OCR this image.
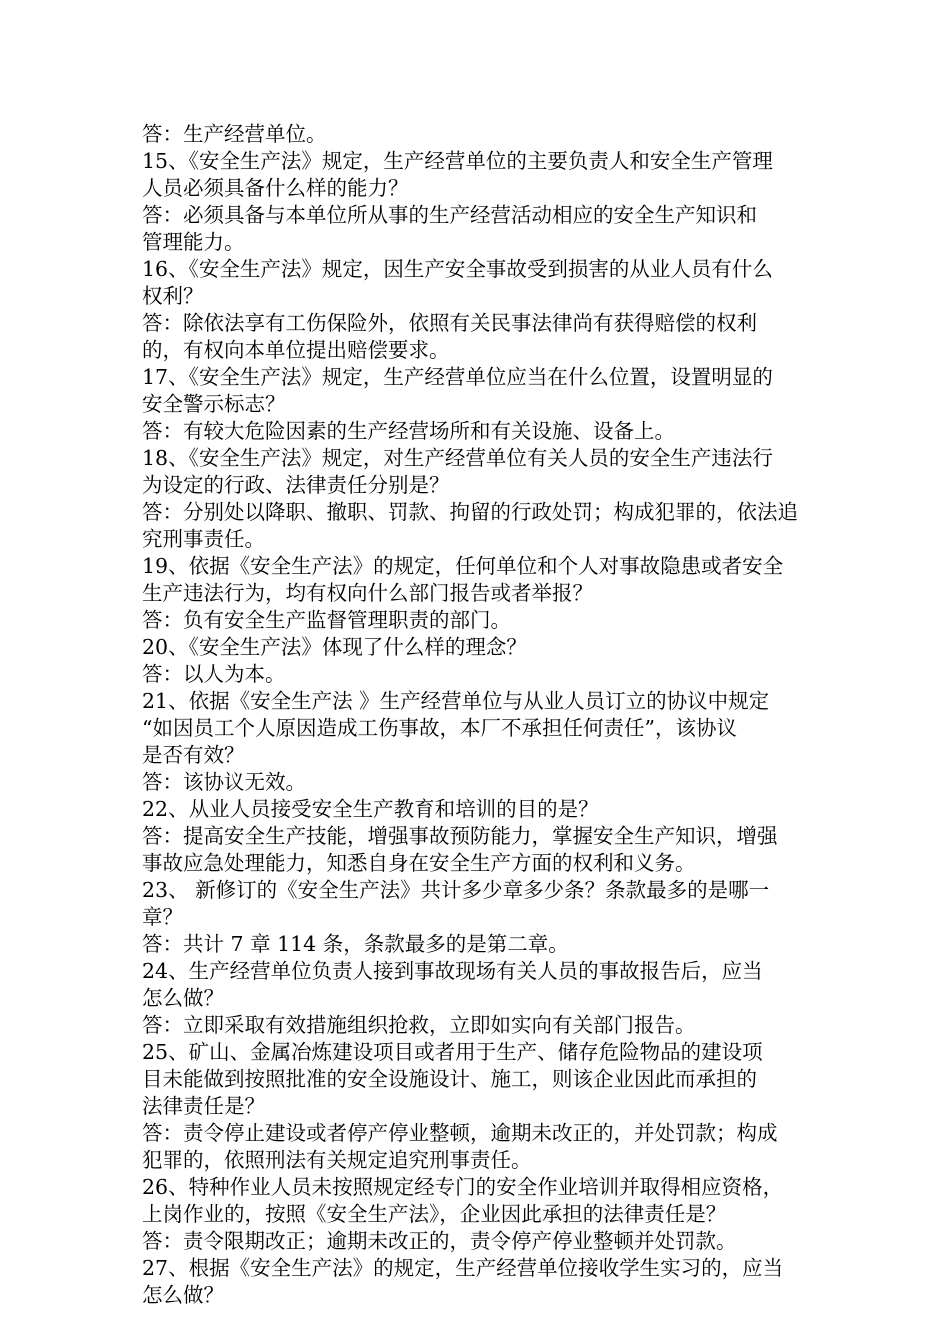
答：生产经营单位。
15、《安全生产法》规定，生产经营单位的主要负责人和安全生产管理
人员必须具备什么样的能力？
答：必须具备与本单位所从事的生产经营活动相应的安全生产知识和
管理能力。
16、《安全生产法》规定，因生产安全事故受到损害的从业人员有什么
权利？
答：除依法享有工伤保险外，依照有关民事法律尚有获得赔偿的权利
的，有权向本单位提出赔偿要求。
17、《安全生产法》规定，生产经营单位应当在什么位置，设置明显的
安全警示标志？
答：有较大危险因素的生产经营场所和有关设施、设备上。
18、《安全生产法》规定，对生产经营单位有关人员的安全生产违法行
为设定的行政、法律责任分别是？
答：分别处以降职、撤职、罚款、拘留的行政处罚；构成犯罪的，依法追
究刑事责任。
19、依据《安全生产法》的规定，任何单位和个人对事故隐患或者安全
生产违法行为，均有权向什么部门报告或者举报？
答：负有安全生产监督管理职责的部门。
20、《安全生产法》体现了什么样的理念？
答：以人为本。
21、依据《安全生产法 》生产经营单位与从业人员订立的协议中规定
“如因员工个人原因造成工伤事故，本厂不承担任何责任”，该协议
是否有效？
答：该协议无效。
22、从业人员接受安全生产教育和培训的目的是？
答：提高安全生产技能，增强事故预防能力，掌握安全生产知识，增强
事故应急处理能力，知悉自身在安全生产方面的权利和义务。
23、 新修订的《安全生产法》共计多少章多少条？条款最多的是哪一
章？
答：共计 7 章 114 条，条款最多的是第二章。
24、生产经营单位负责人接到事故现场有关人员的事故报告后，应当
怎么做？
答：立即采取有效措施组织抢救，立即如实向有关部门报告。
25、矿山、金属冶炼建设项目或者用于生产、储存危险物品的建设项
目未能做到按照批准的安全设施设计、施工，则该企业因此而承担的
法律责任是？
答：责令停止建设或者停产停业整顿，逾期未改正的，并处罚款；构成
犯罪的，依照刑法有关规定追究刑事责任。
26、特种作业人员未按照规定经专门的安全作业培训并取得相应资格，
上岗作业的，按照《安全生产法》，企业因此承担的法律责任是？
答：责令限期改正；逾期未改正的，责令停产停业整顿并处罚款。
27、根据《安全生产法》的规定，生产经营单位接收学生实习的，应当
怎么做？
